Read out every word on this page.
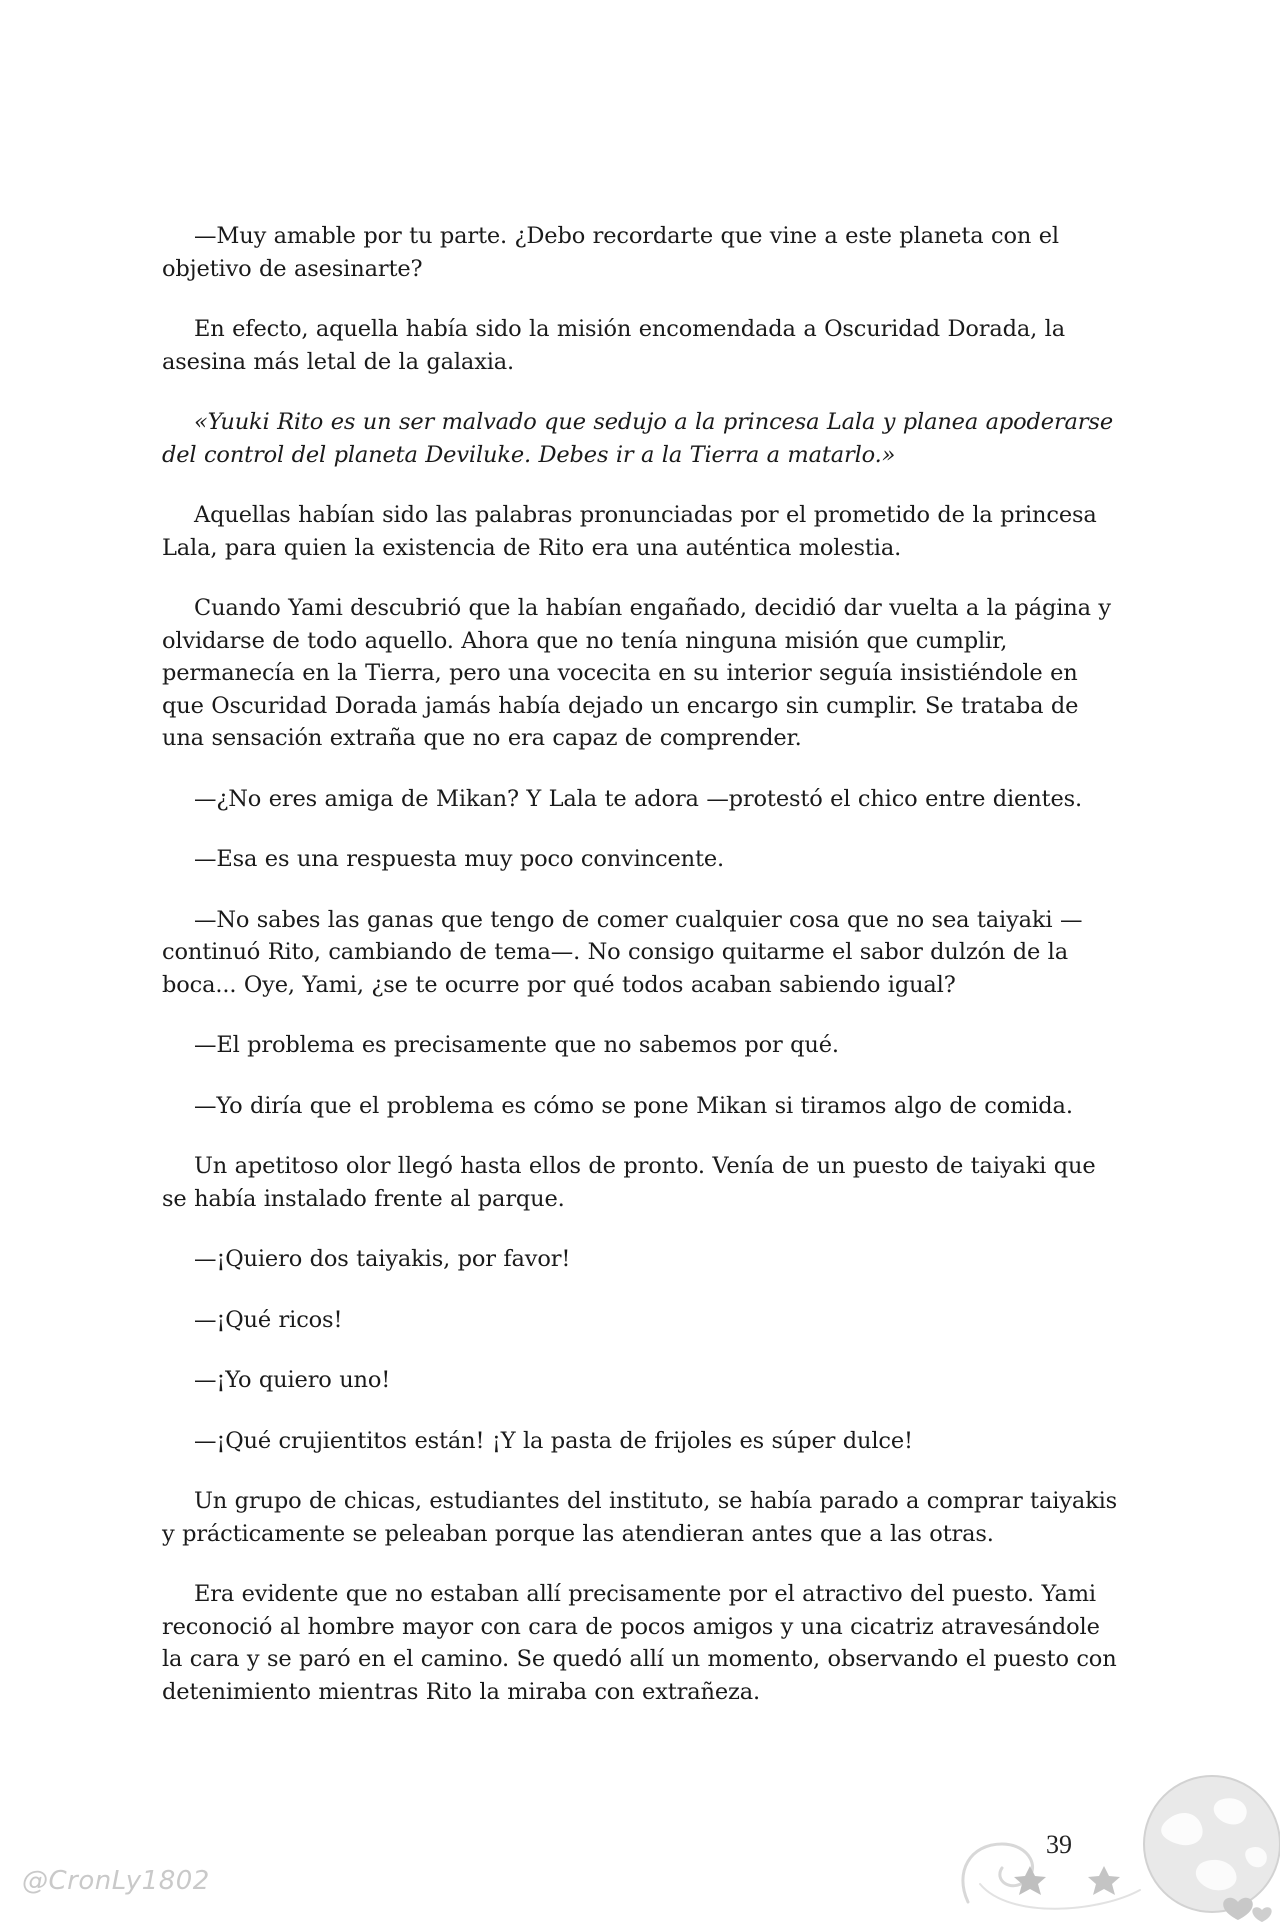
—Muy amable por tu parte. ¿Debo recordarte que vine a este planeta con el objetivo de asesinarte?

En efecto, aquella había sido la misión encomendada a Oscuridad Dorada, la asesina más letal de la galaxia.

«Yuuki Rito es un ser malvado que sedujo a la princesa Lala y planea apoderarse del control del planeta Deviluke. Debes ir a la Tierra a matarlo.»

Aquellas habían sido las palabras pronunciadas por el prometido de la princesa Lala, para quien la existencia de Rito era una auténtica molestia.

Cuando Yami descubrió que la habían engañado, decidió dar vuelta a la página y olvidarse de todo aquello. Ahora que no tenía ninguna misión que cumplir, permanecía en la Tierra, pero una vocecita en su interior seguía insistiéndole en que Oscuridad Dorada jamás había dejado un encargo sin cumplir. Se trataba de una sensación extraña que no era capaz de comprender.

—¿No eres amiga de Mikan? Y Lala te adora —protestó el chico entre dientes.

—Esa es una respuesta muy poco convincente.

—No sabes las ganas que tengo de comer cualquier cosa que no sea taiyaki —continuó Rito, cambiando de tema—. No consigo quitarme el sabor dulzón de la boca... Oye, Yami, ¿se te ocurre por qué todos acaban sabiendo igual?

—El problema es precisamente que no sabemos por qué.

—Yo diría que el problema es cómo se pone Mikan si tiramos algo de comida.

Un apetitoso olor llegó hasta ellos de pronto. Venía de un puesto de taiyaki que se había instalado frente al parque.

—¡Quiero dos taiyakis, por favor!

—¡Qué ricos!

—¡Yo quiero uno!

—¡Qué crujientitos están! ¡Y la pasta de frijoles es súper dulce!

Un grupo de chicas, estudiantes del instituto, se había parado a comprar taiyakis y prácticamente se peleaban porque las atendieran antes que a las otras.

Era evidente que no estaban allí precisamente por el atractivo del puesto. Yami reconoció al hombre mayor con cara de pocos amigos y una cicatriz atravesándole la cara y se paró en el camino. Se quedó allí un momento, observando el puesto con detenimiento mientras Rito la miraba con extrañeza.

39
@CronLy1802
